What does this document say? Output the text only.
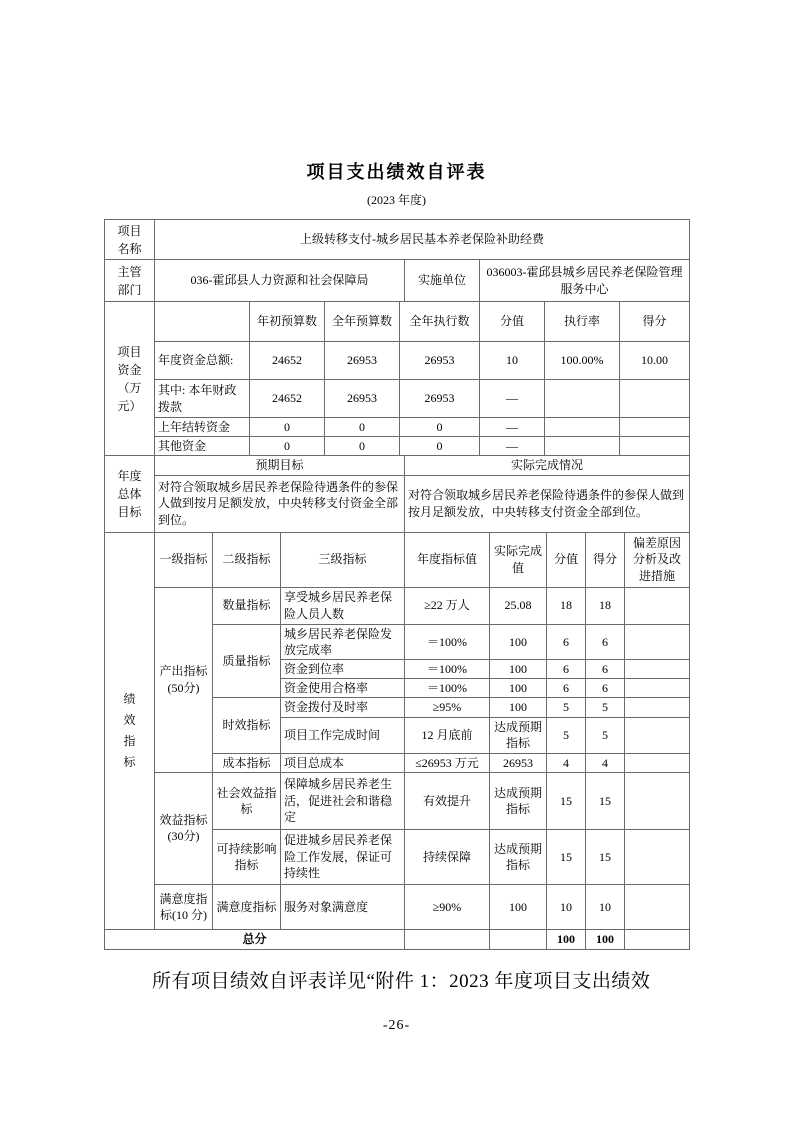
项目支出绩效自评表
(2023 年度)
项目名称	上级转移支付-城乡居民基本养老保险补助经费		
主管部门	036-霍邱县人力资源和社会保障局	实施单位	036003-霍邱县城乡居民养老保险管理服务中心
项目资金（万元）		年初预算数	全年预算数	全年执行数	分值	执行率	得分
	年度资金总额:	24652	26953	26953	10	100.00%	10.00
	其中: 本年财政拨款	24652	26953	26953	—		
	上年结转资金	0	0	0	—		
	其他资金	0	0	0	—		
年度总体目标	预期目标	实际完成情况
	对符合领取城乡居民养老保险待遇条件的参保人做到按月足额发放，中央转移支付资金全部到位。	对符合领取城乡居民养老保险待遇条件的参保人做到按月足额发放，中央转移支付资金全部到位。
绩效指标	一级指标	二级指标	三级指标	年度指标值	实际完成值	分值	得分	偏差原因分析及改进措施
	产出指标(50分)	数量指标	享受城乡居民养老保险人员人数	≥22 万人	25.08	18	18	
		质量指标	城乡居民养老保险发放完成率	＝100%	100	6	6	
			资金到位率	＝100%	100	6	6	
			资金使用合格率	＝100%	100	6	6	
		时效指标	资金拨付及时率	≥95%	100	5	5	
			项目工作完成时间	12 月底前	达成预期指标	5	5	
		成本指标	项目总成本	≤26953 万元	26953	4	4	
	效益指标(30分)	社会效益指标	保障城乡居民养老生活，促进社会和谐稳定	有效提升	达成预期指标	15	15	
		可持续影响指标	促进城乡居民养老保险工作发展，保证可持续性	持续保障	达成预期指标	15	15	
	满意度指标(10 分)	满意度指标	服务对象满意度	≥90%	100	10	10	
总分						100	100	
所有项目绩效自评表详见“附件 1：2023 年度项目支出绩效
-26-
